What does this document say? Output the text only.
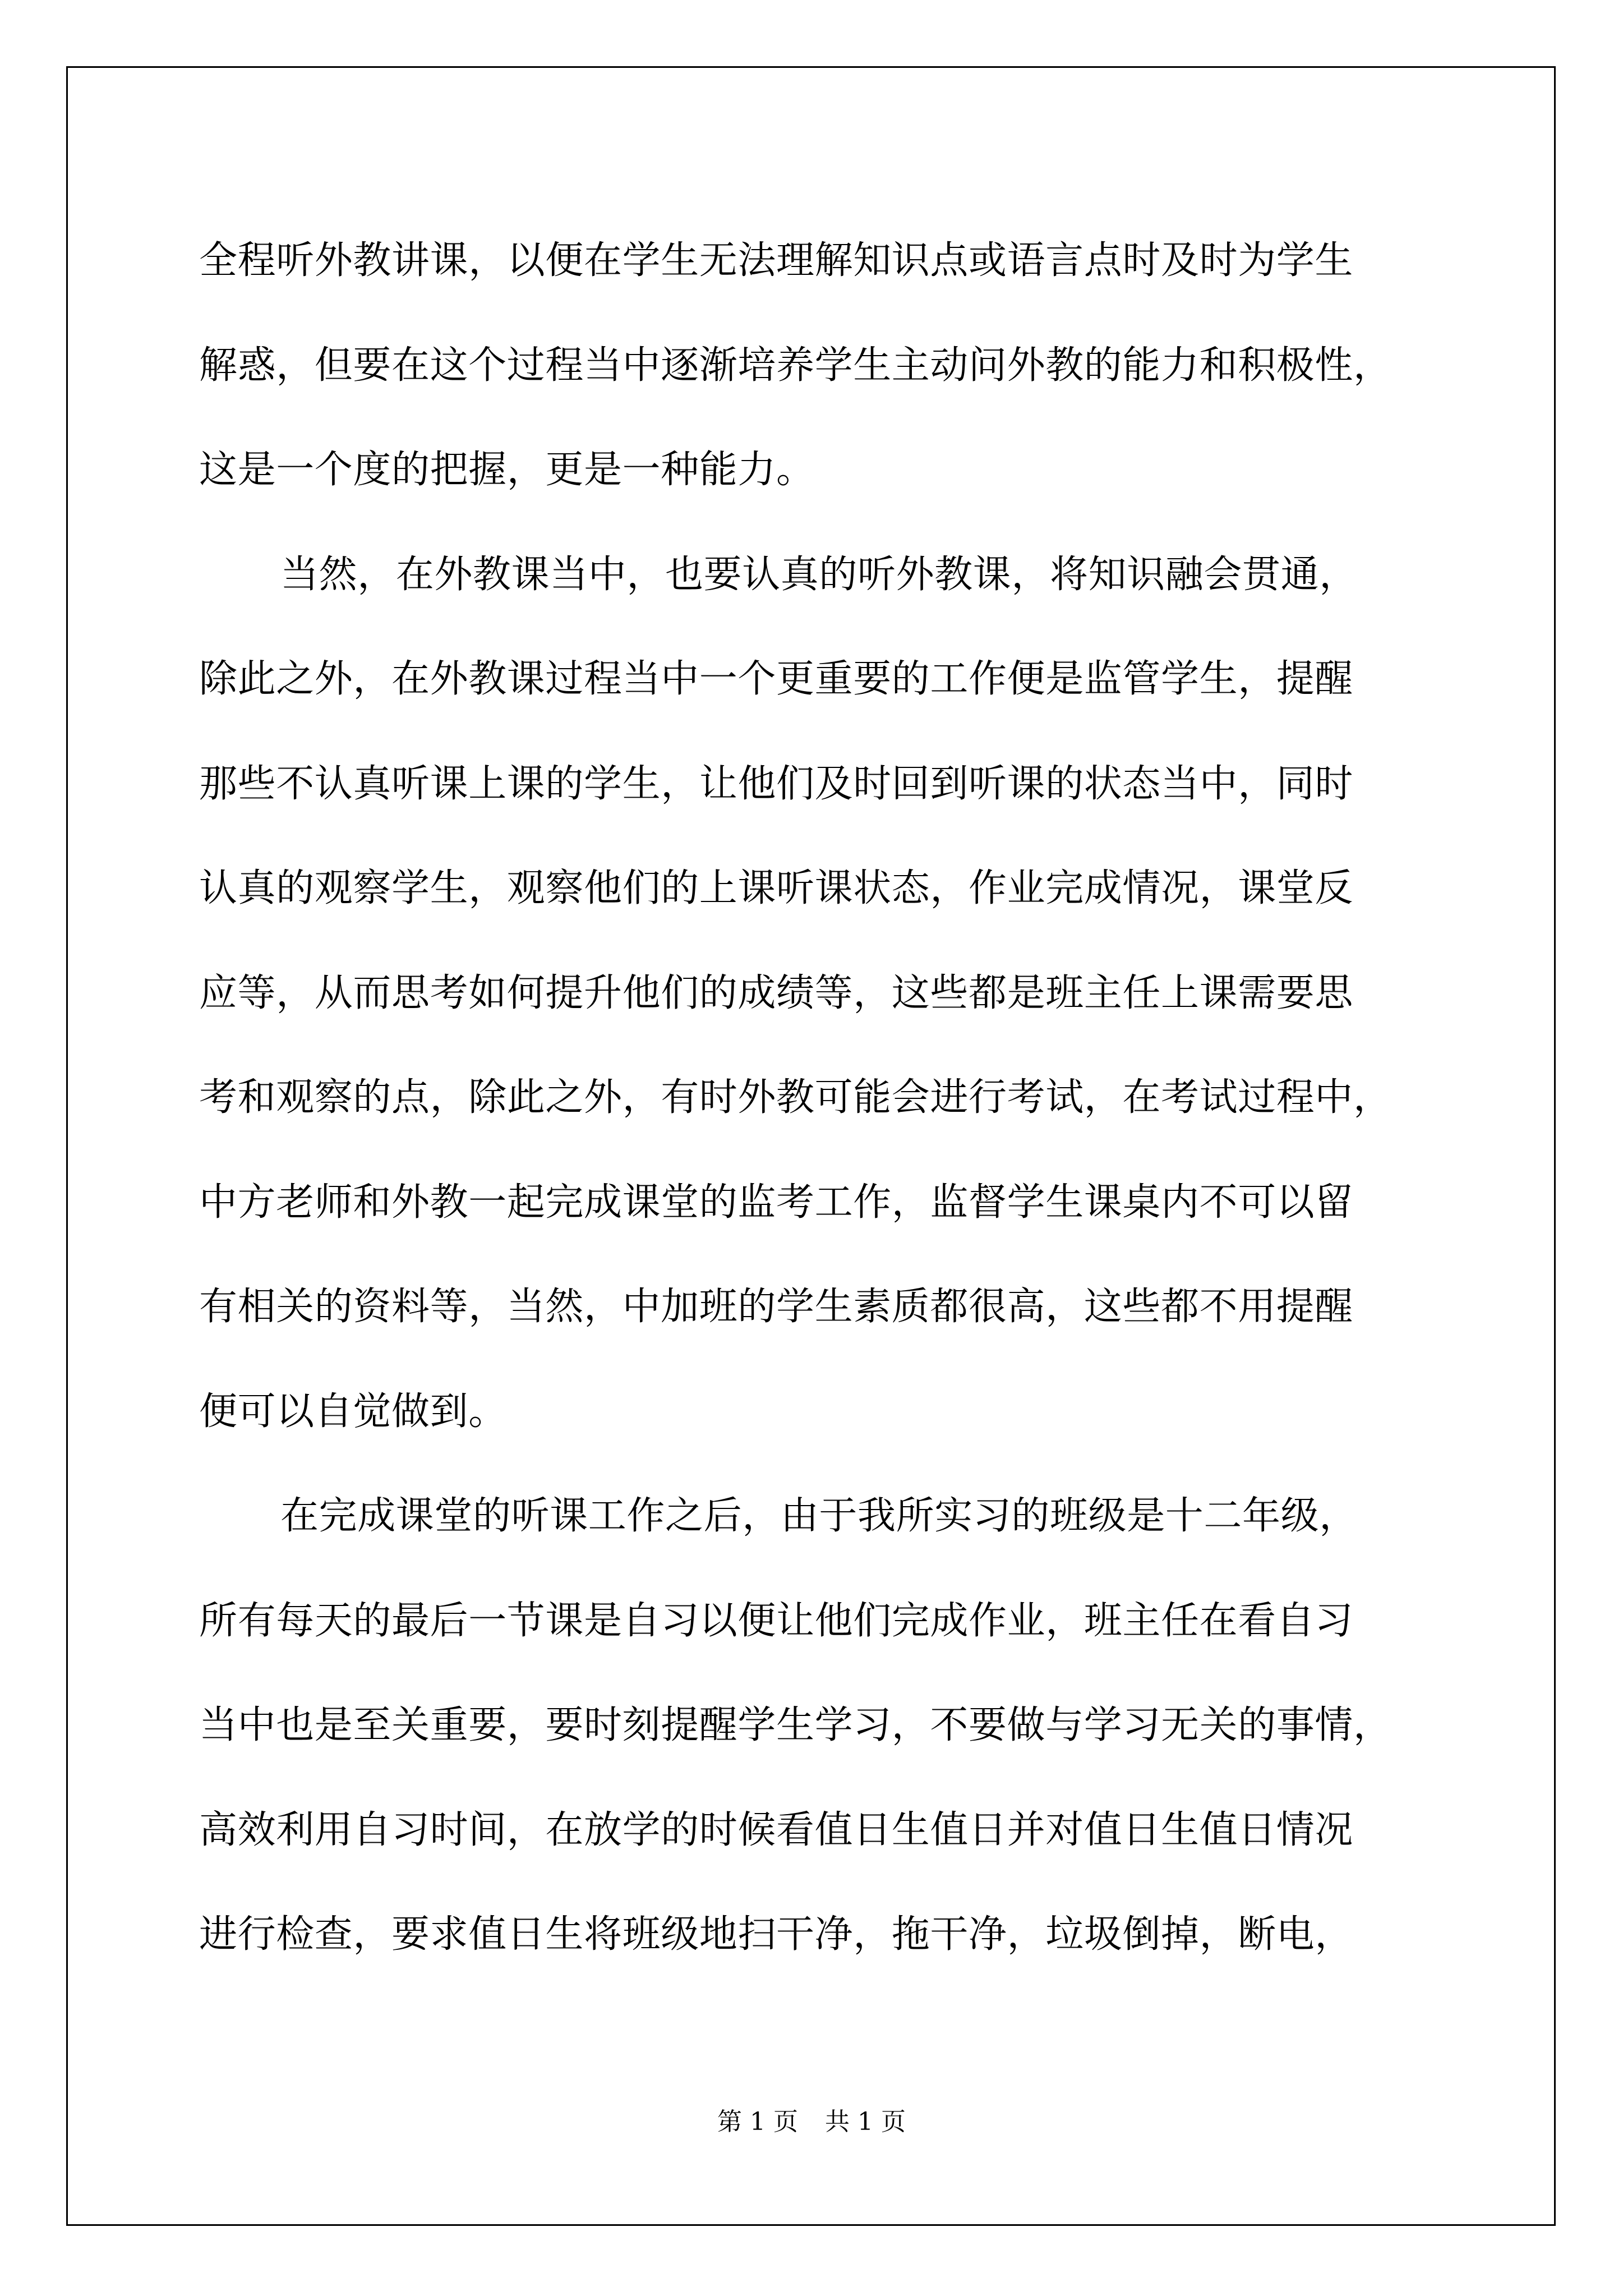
全程听外教讲课，以便在学生无法理解知识点或语言点时及时为学生
解惑，但要在这个过程当中逐渐培养学生主动问外教的能力和积极性，
这是一个度的把握，更是一种能力。
当然，在外教课当中，也要认真的听外教课，将知识融会贯通，
除此之外，在外教课过程当中一个更重要的工作便是监管学生，提醒
那些不认真听课上课的学生，让他们及时回到听课的状态当中，同时
认真的观察学生，观察他们的上课听课状态，作业完成情况，课堂反
应等，从而思考如何提升他们的成绩等，这些都是班主任上课需要思
考和观察的点，除此之外，有时外教可能会进行考试，在考试过程中，
中方老师和外教一起完成课堂的监考工作，监督学生课桌内不可以留
有相关的资料等，当然，中加班的学生素质都很高，这些都不用提醒
便可以自觉做到。
在完成课堂的听课工作之后，由于我所实习的班级是十二年级，
所有每天的最后一节课是自习以便让他们完成作业，班主任在看自习
当中也是至关重要，要时刻提醒学生学习，不要做与学习无关的事情，
高效利用自习时间，在放学的时候看值日生值日并对值日生值日情况
进行检查，要求值日生将班级地扫干净，拖干净，垃圾倒掉，断电，
第 1 页 共 1 页
